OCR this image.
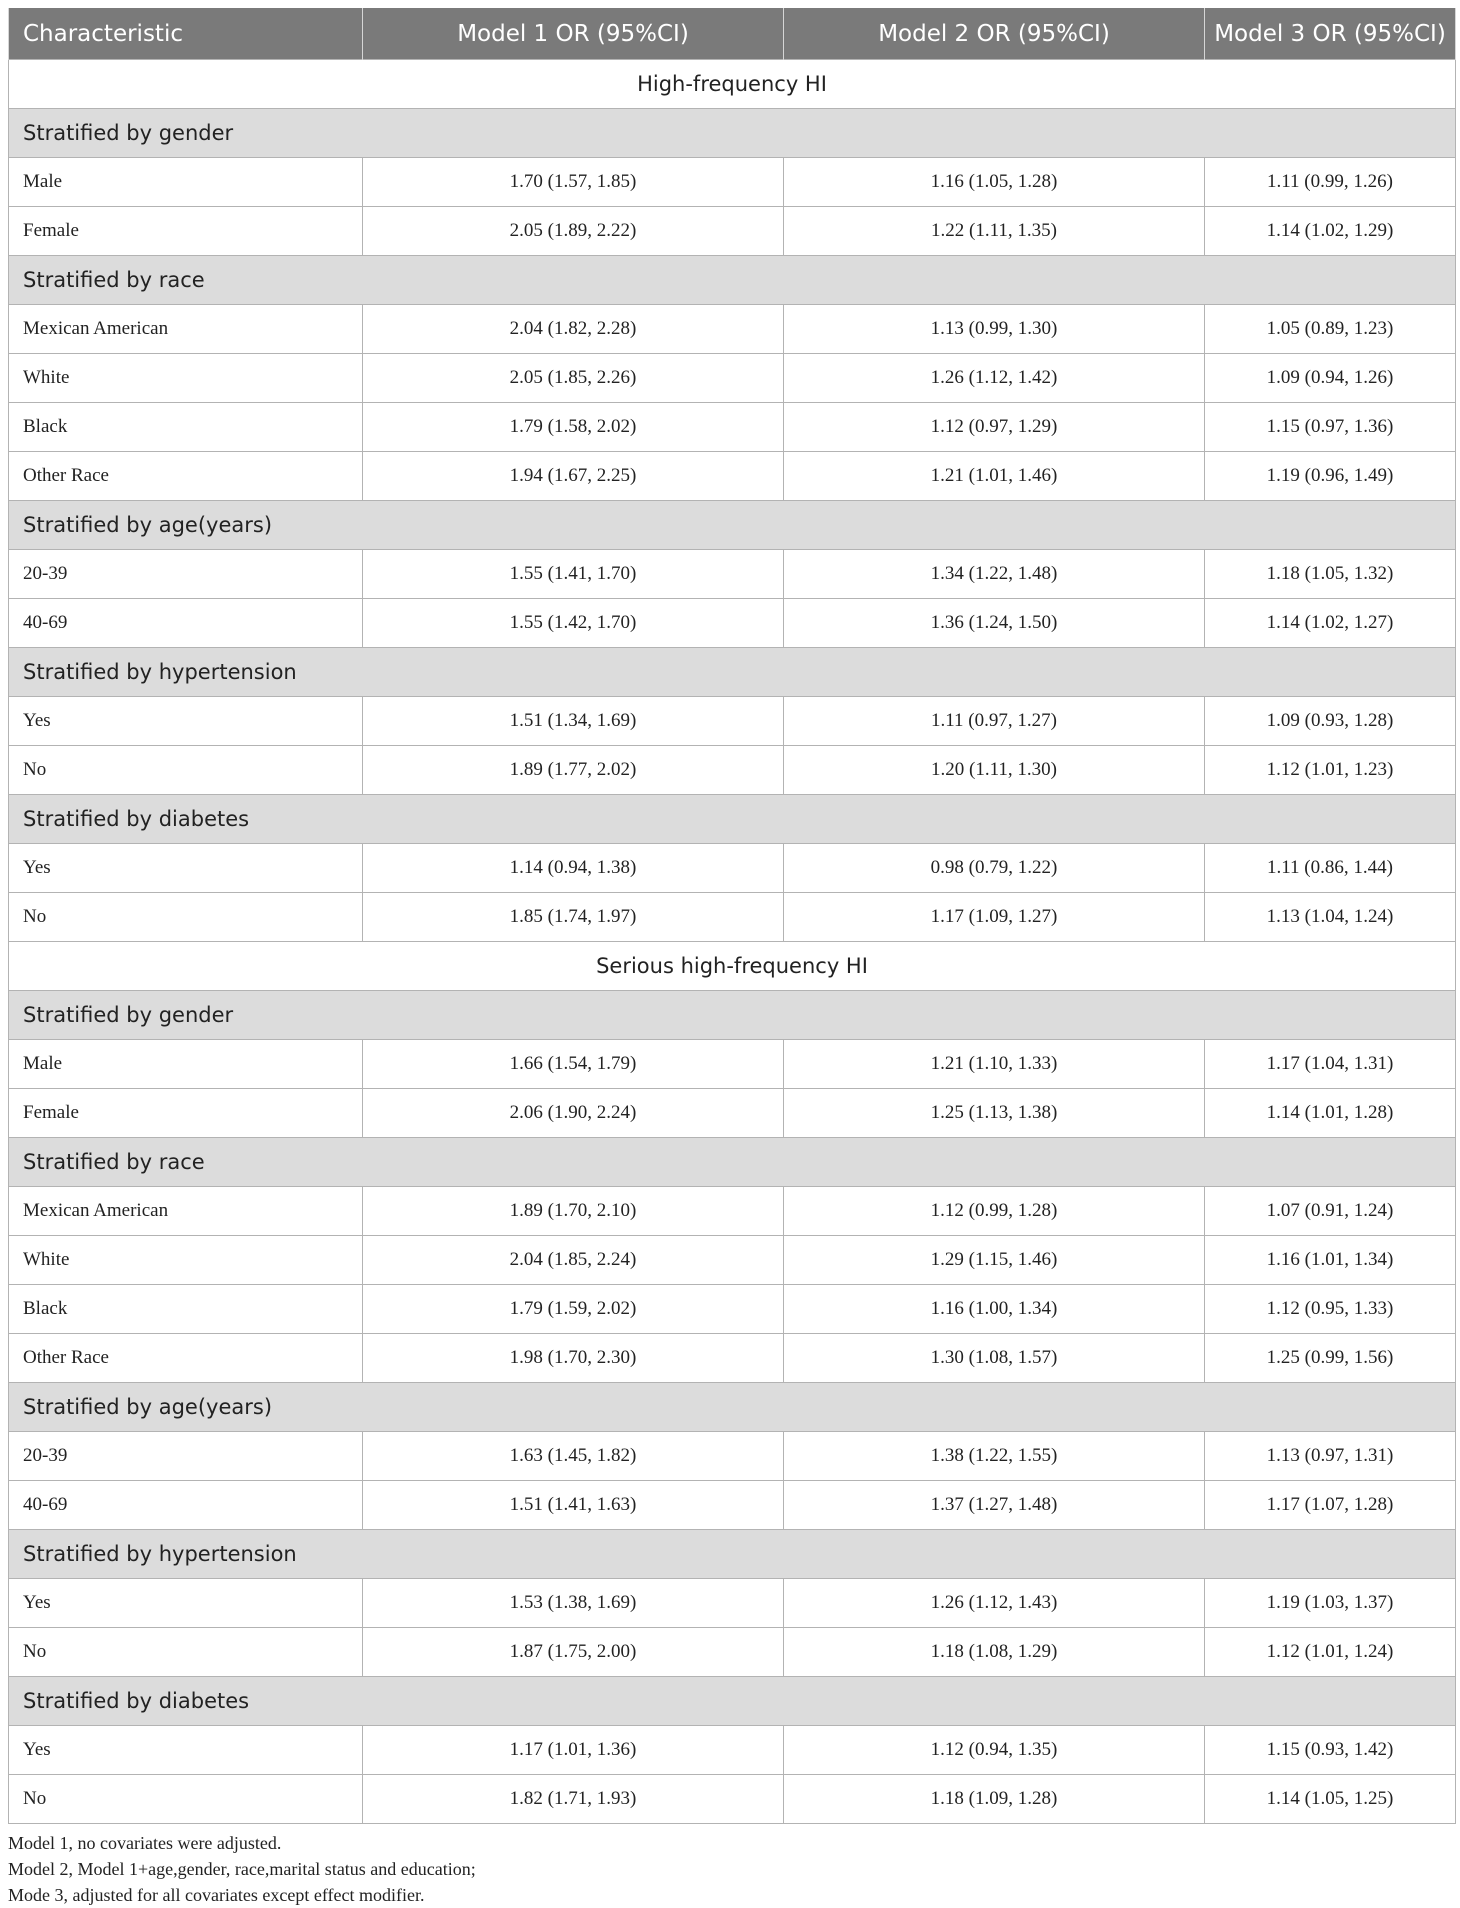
Characteristic	Model 1 OR (95%CI)	Model 2 OR (95%CI)	Model 3 OR (95%CI)
High-frequency HI			
Stratified by gender			
Male	1.70 (1.57, 1.85)	1.16 (1.05, 1.28)	1.11 (0.99, 1.26)
Female	2.05 (1.89, 2.22)	1.22 (1.11, 1.35)	1.14 (1.02, 1.29)
Stratified by race			
Mexican American	2.04 (1.82, 2.28)	1.13 (0.99, 1.30)	1.05 (0.89, 1.23)
White	2.05 (1.85, 2.26)	1.26 (1.12, 1.42)	1.09 (0.94, 1.26)
Black	1.79 (1.58, 2.02)	1.12 (0.97, 1.29)	1.15 (0.97, 1.36)
Other Race	1.94 (1.67, 2.25)	1.21 (1.01, 1.46)	1.19 (0.96, 1.49)
Stratified by age(years)			
20-39	1.55 (1.41, 1.70)	1.34 (1.22, 1.48)	1.18 (1.05, 1.32)
40-69	1.55 (1.42, 1.70)	1.36 (1.24, 1.50)	1.14 (1.02, 1.27)
Stratified by hypertension			
Yes	1.51 (1.34, 1.69)	1.11 (0.97, 1.27)	1.09 (0.93, 1.28)
No	1.89 (1.77, 2.02)	1.20 (1.11, 1.30)	1.12 (1.01, 1.23)
Stratified by diabetes			
Yes	1.14 (0.94, 1.38)	0.98 (0.79, 1.22)	1.11 (0.86, 1.44)
No	1.85 (1.74, 1.97)	1.17 (1.09, 1.27)	1.13 (1.04, 1.24)
Serious high-frequency HI			
Stratified by gender			
Male	1.66 (1.54, 1.79)	1.21 (1.10, 1.33)	1.17 (1.04, 1.31)
Female	2.06 (1.90, 2.24)	1.25 (1.13, 1.38)	1.14 (1.01, 1.28)
Stratified by race			
Mexican American	1.89 (1.70, 2.10)	1.12 (0.99, 1.28)	1.07 (0.91, 1.24)
White	2.04 (1.85, 2.24)	1.29 (1.15, 1.46)	1.16 (1.01, 1.34)
Black	1.79 (1.59, 2.02)	1.16 (1.00, 1.34)	1.12 (0.95, 1.33)
Other Race	1.98 (1.70, 2.30)	1.30 (1.08, 1.57)	1.25 (0.99, 1.56)
Stratified by age(years)			
20-39	1.63 (1.45, 1.82)	1.38 (1.22, 1.55)	1.13 (0.97, 1.31)
40-69	1.51 (1.41, 1.63)	1.37 (1.27, 1.48)	1.17 (1.07, 1.28)
Stratified by hypertension			
Yes	1.53 (1.38, 1.69)	1.26 (1.12, 1.43)	1.19 (1.03, 1.37)
No	1.87 (1.75, 2.00)	1.18 (1.08, 1.29)	1.12 (1.01, 1.24)
Stratified by diabetes			
Yes	1.17 (1.01, 1.36)	1.12 (0.94, 1.35)	1.15 (0.93, 1.42)
No	1.82 (1.71, 1.93)	1.18 (1.09, 1.28)	1.14 (1.05, 1.25)
Model 1, no covariates were adjusted.
Model 2, Model 1+age,gender, race,marital status and education;
Mode 3, adjusted for all covariates except effect modifier.
